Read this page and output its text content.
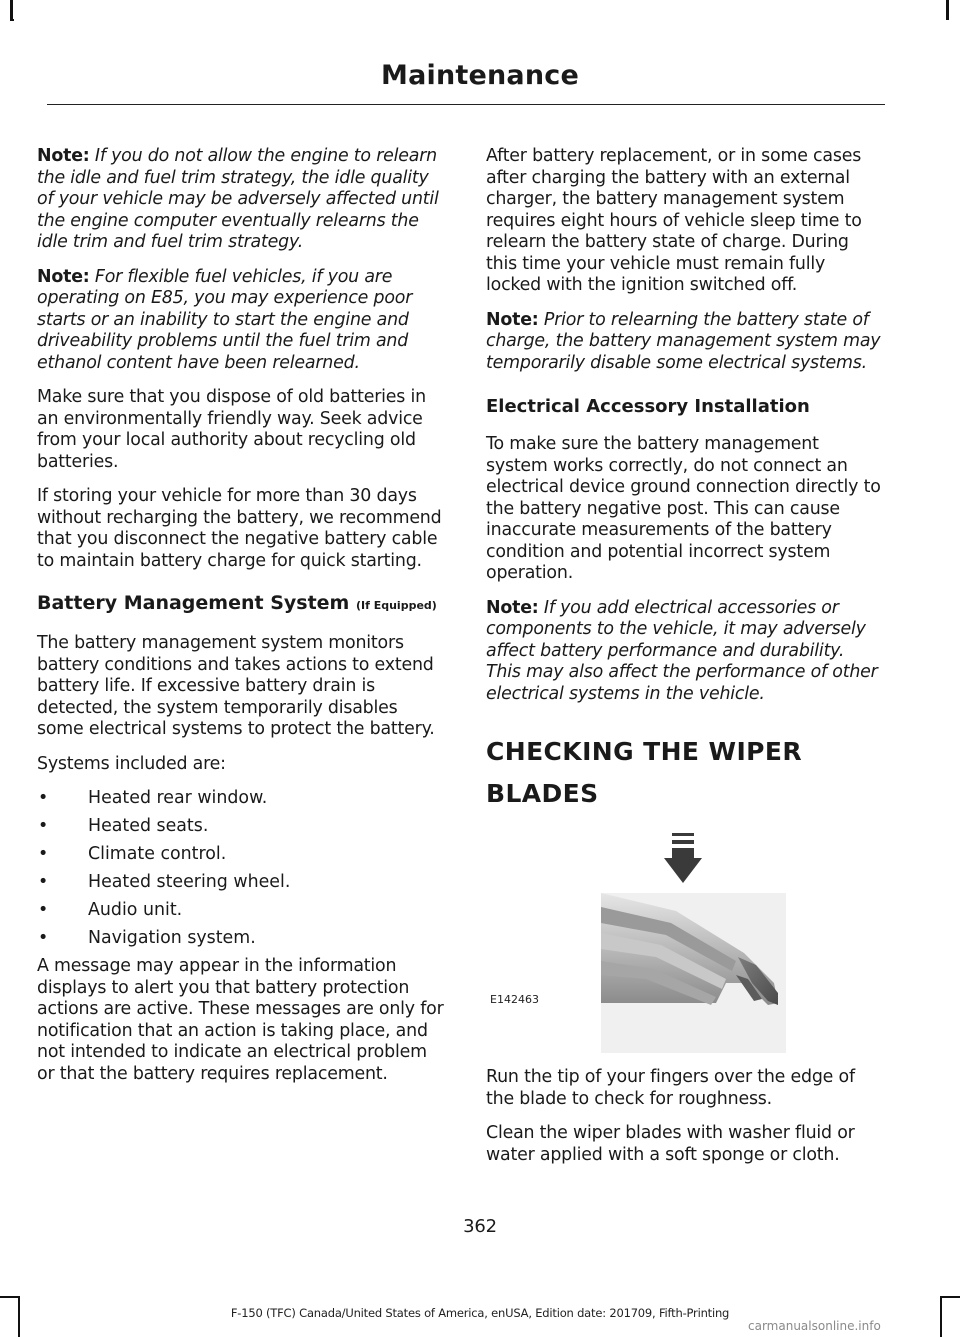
Maintenance

Note: If you do not allow the engine to relearn the idle and fuel trim strategy, the idle quality of your vehicle may be adversely affected until the engine computer eventually relearns the idle trim and fuel trim strategy.

Note: For flexible fuel vehicles, if you are operating on E85, you may experience poor starts or an inability to start the engine and driveability problems until the fuel trim and ethanol content have been relearned.

Make sure that you dispose of old batteries in an environmentally friendly way. Seek advice from your local authority about recycling old batteries.

If storing your vehicle for more than 30 days without recharging the battery, we recommend that you disconnect the negative battery cable to maintain battery charge for quick starting.

Battery Management System (If Equipped)

The battery management system monitors battery conditions and takes actions to extend battery life. If excessive battery drain is detected, the system temporarily disables some electrical systems to protect the battery.

Systems included are:

• Heated rear window.
• Heated seats.
• Climate control.
• Heated steering wheel.
• Audio unit.
• Navigation system.

A message may appear in the information displays to alert you that battery protection actions are active. These messages are only for notification that an action is taking place, and not intended to indicate an electrical problem or that the battery requires replacement.

After battery replacement, or in some cases after charging the battery with an external charger, the battery management system requires eight hours of vehicle sleep time to relearn the battery state of charge. During this time your vehicle must remain fully locked with the ignition switched off.

Note: Prior to relearning the battery state of charge, the battery management system may temporarily disable some electrical systems.

Electrical Accessory Installation

To make sure the battery management system works correctly, do not connect an electrical device ground connection directly to the battery negative post. This can cause inaccurate measurements of the battery condition and potential incorrect system operation.

Note: If you add electrical accessories or components to the vehicle, it may adversely affect battery performance and durability. This may also affect the performance of other electrical systems in the vehicle.

CHECKING THE WIPER
BLADES
E142463

Run the tip of your fingers over the edge of the blade to check for roughness.

Clean the wiper blades with washer fluid or water applied with a soft sponge or cloth.

362

F-150 (TFC) Canada/United States of America, enUSA, Edition date: 201709, Fifth-Printing

carmanualsonline.info
